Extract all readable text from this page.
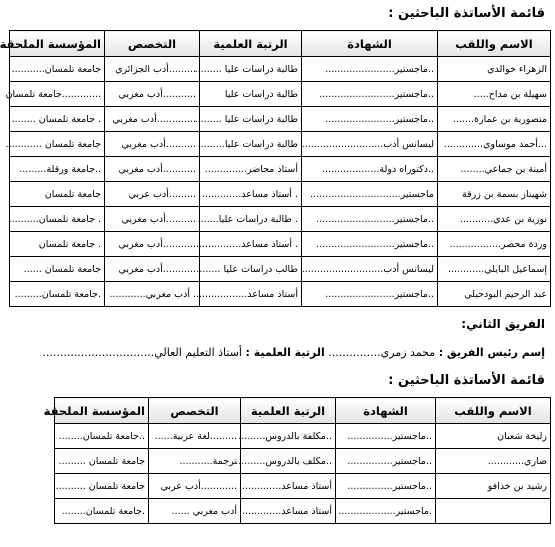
قائمة الأساتذة الباحثين :
الاسم واللقب	الشهادة	الرتبة العلمية	التخصص	المؤسسة الملحقة
الزهراء خوالدي	..ماجستير.......................	طالبة دراسات عليا .........	.........أدب الجزائري	جامعة تلمسان...........
سهيلة بن مداح.....	..ماجستير.........................	طالبة دراسات عليا	...........أدب مغربي	.............جامعة تلمسان
منصورية بن عمارة.......	..ماجستير.......................	طالبة دراسات عليا .........	.............أدب مغربي	. جامعة تلمسان ........
...أحمد موساوي.............	ليسانس أدب...........................	طالبة دراسات عليا.........	..........أدب مغربي	جامعة تلمسان ............
أمينة بن جماعي........	..دكتوراه دولة...................	أستاذ محاضر..............	...........أدب مغربي	..جامعة ورقلة.........
شهيناز بسمة بن زرقة	ماجستير..............................	. أستاذ مساعد.............	.........أدب عربي	جامعة تلمسان
نورية بن عدي...........	..ماجستير..........................	. طالبة دراسات عليا.......	..........أدب مغربي	. جامعة تلمسان..........
وردة محصر.................	..ماجستير..........................	. أستاذ مساعد...............	...........أدب مغربي	. جامعة تلمسان
إسماعيل البايلي............	ليسانس أدب...........................	طالب دراسات عليا ........	...........أدب مغربي	جامعة تلمسان ......
عبد الرحيم البودحيلي	..ماجستير.......................	أستاذ مساعد.................	. أدب مغربي............	.جامعة تلمسان.........
الفريق الثاني:
إسم رئيس الفريق : محمد زمري............... الرتبة العلمية : أستاذ التعليم العالي................................
قائمة الأساتذة الباحثين :
الاسم واللقب	الشهادة	الرتبة العلمية	التخصص	المؤسسة الملحقة
زليخة شعبان	..ماجستير...............	..مكلفة بالدروس.........	.........لغة عربية......	..جامعة تلمسان........
صاري............	..ماجستير...............	..مكلف بالدروس..........	ترجمة...........	جامعة تلمسان .........
رشيد بن خذافو	..ماجستير...............	أستاذ مساعد..............	............أدب عربي	جامعة تلمسان ..........
	.ماجستير...................	أستاذ مساعد..............	أدب مغربي ......	.جامعة تلمسان........
